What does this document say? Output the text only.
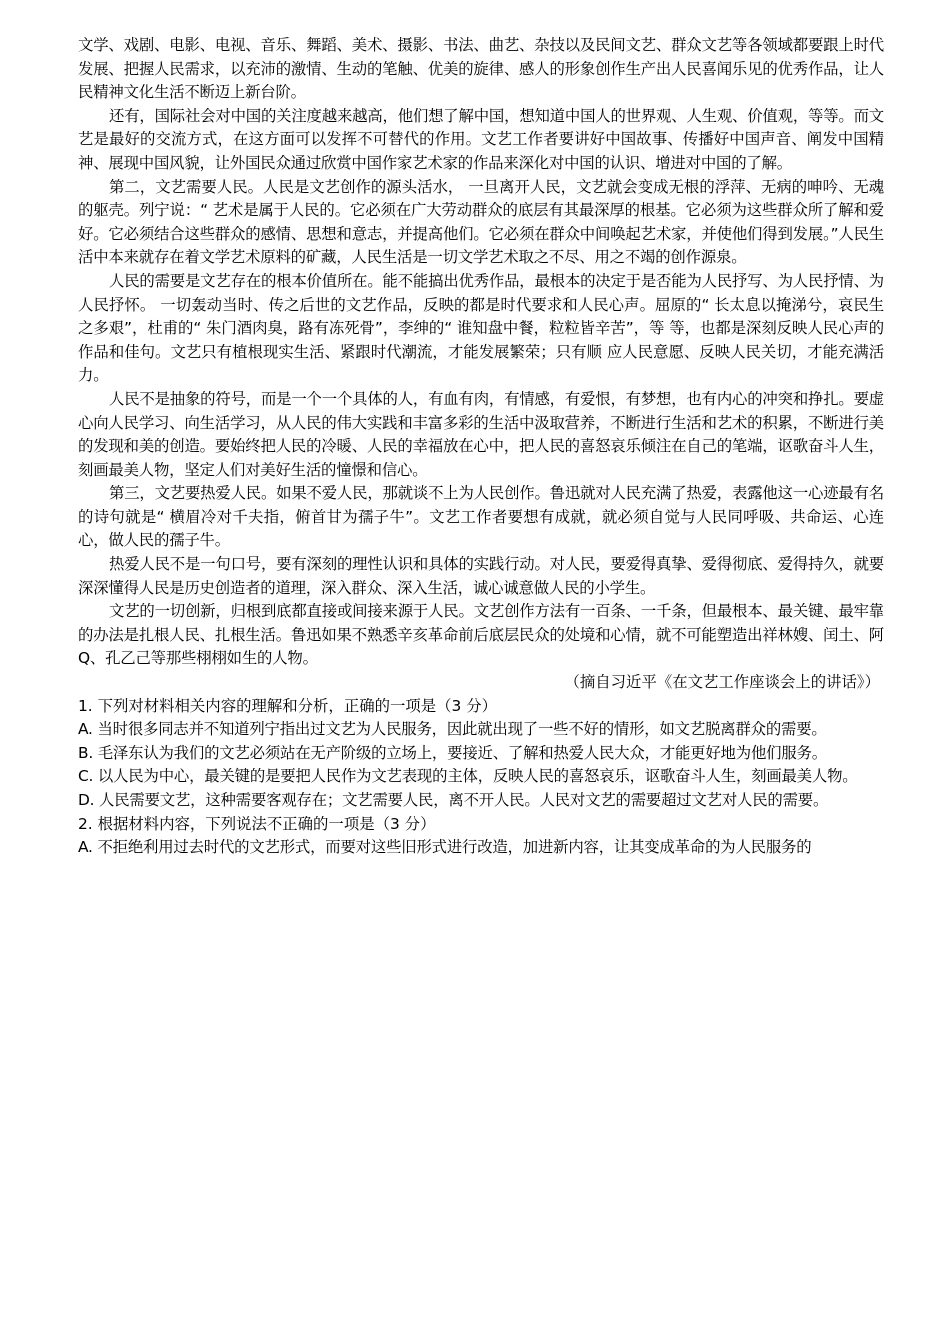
文学、戏剧、电影、电视、音乐、舞蹈、美术、摄影、书法、曲艺、杂技以及民间文艺、群众文艺等各领域都要跟上时代发展、把握人民需求，以充沛的激情、生动的笔触、优美的旋律、感人的形象创作生产出人民喜闻乐见的优秀作品，让人民精神文化生活不断迈上新台阶。

还有，国际社会对中国的关注度越来越高，他们想了解中国，想知道中国人的世界观、人生观、价值观，等等。而文艺是最好的交流方式，在这方面可以发挥不可替代的作用。文艺工作者要讲好中国故事、传播好中国声音、阐发中国精神、展现中国风貌，让外国民众通过欣赏中国作家艺术家的作品来深化对中国的认识、增进对中国的了解。

第二，文艺需要人民。人民是文艺创作的源头活水， 一旦离开人民，文艺就会变成无根的浮萍、无病的呻吟、无魂的躯壳。列宁说：“ 艺术是属于人民的。它必须在广大劳动群众的底层有其最深厚的根基。它必须为这些群众所了解和爱好。它必须结合这些群众的感情、思想和意志，并提高他们。它必须在群众中间唤起艺术家，并使他们得到发展。”人民生活中本来就存在着文学艺术原料的矿藏，人民生活是一切文学艺术取之不尽、用之不竭的创作源泉。

人民的需要是文艺存在的根本价值所在。能不能搞出优秀作品，最根本的决定于是否能为人民抒写、为人民抒情、为人民抒怀。 一切轰动当时、传之后世的文艺作品，反映的都是时代要求和人民心声。屈原的“ 长太息以掩涕兮，哀民生之多艰”，杜甫的“ 朱门酒肉臭，路有冻死骨”，李绅的“ 谁知盘中餐，粒粒皆辛苦”，等 等，也都是深刻反映人民心声的作品和佳句。文艺只有植根现实生活、紧跟时代潮流，才能发展繁荣；只有顺 应人民意愿、反映人民关切，才能充满活力。

人民不是抽象的符号，而是一个一个具体的人，有血有肉，有情感，有爱恨，有梦想，也有内心的冲突和挣扎。要虚心向人民学习、向生活学习，从人民的伟大实践和丰富多彩的生活中汲取营养，不断进行生活和艺术的积累，不断进行美的发现和美的创造。要始终把人民的冷暖、人民的幸福放在心中，把人民的喜怒哀乐倾注在自己的笔端，讴歌奋斗人生，刻画最美人物，坚定人们对美好生活的憧憬和信心。

第三，文艺要热爱人民。如果不爱人民，那就谈不上为人民创作。鲁迅就对人民充满了热爱，表露他这一心迹最有名的诗句就是“ 横眉冷对千夫指，俯首甘为孺子牛”。文艺工作者要想有成就，就必须自觉与人民同呼吸、共命运、心连心，做人民的孺子牛。

热爱人民不是一句口号，要有深刻的理性认识和具体的实践行动。对人民，要爱得真挚、爱得彻底、爱得持久，就要深深懂得人民是历史创造者的道理，深入群众、深入生活，诚心诚意做人民的小学生。

文艺的一切创新，归根到底都直接或间接来源于人民。文艺创作方法有一百条、一千条，但最根本、最关键、最牢靠的办法是扎根人民、扎根生活。鲁迅如果不熟悉辛亥革命前后底层民众的处境和心情，就不可能塑造出祥林嫂、闰土、阿 Q、孔乙己等那些栩栩如生的人物。

（摘自习近平《在文艺工作座谈会上的讲话》）

1. 下列对材料相关内容的理解和分析，正确的一项是（3 分）

A. 当时很多同志并不知道列宁指出过文艺为人民服务，因此就出现了一些不好的情形，如文艺脱离群众的需要。

B. 毛泽东认为我们的文艺必须站在无产阶级的立场上，要接近、了解和热爱人民大众，才能更好地为他们服务。

C. 以人民为中心，最关键的是要把人民作为文艺表现的主体，反映人民的喜怒哀乐，讴歌奋斗人生，刻画最美人物。

D. 人民需要文艺，这种需要客观存在；文艺需要人民，离不开人民。人民对文艺的需要超过文艺对人民的需要。

2. 根据材料内容，下列说法不正确的一项是（3 分）

A. 不拒绝利用过去时代的文艺形式，而要对这些旧形式进行改造，加进新内容，让其变成革命的为人民服务的
